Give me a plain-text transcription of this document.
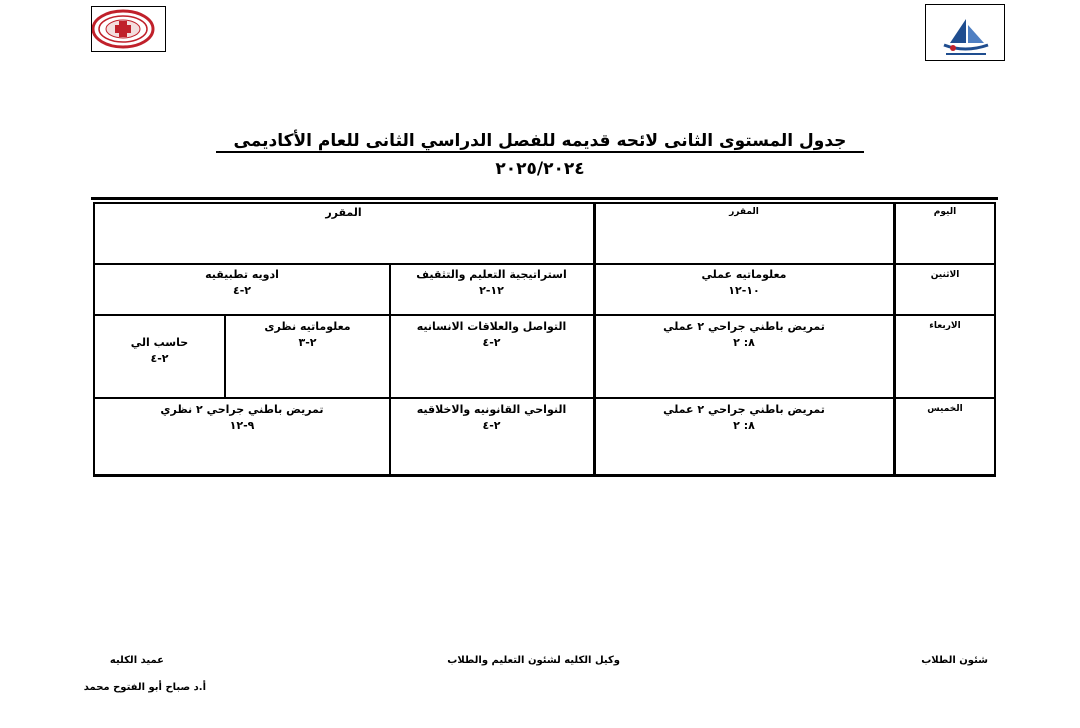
جدول المستوى الثانى لائحه قديمه للفصل الدراسي الثانى للعام الأكاديمى ٢٠٢٥/٢٠٢٤
اليوم
المقرر
المقرر
الاثنين
معلوماتيه عملي
١٠-١٢
استراتيجية التعليم والتثقيف
١٢-٢
ادويه تطبيقيه
٢-٤
الاربعاء
تمريض باطني جراحي ٢ عملي
٨: ٢
التواصل والعلاقات الانسانيه
٢-٤
معلوماتيه نظرى
٢-٣
حاسب الي
٢-٤
الخميس
تمريض باطني جراحي ٢ عملي
٨: ٢
النواحي القانونيه والاخلاقيه
٢-٤
تمريض باطني جراحي ٢ نظري
٩-١٢
شئون الطلاب
وكيل الكليه لشئون التعليم والطلاب
عميد الكليه
أ.د صباح أبو الفتوح محمد
